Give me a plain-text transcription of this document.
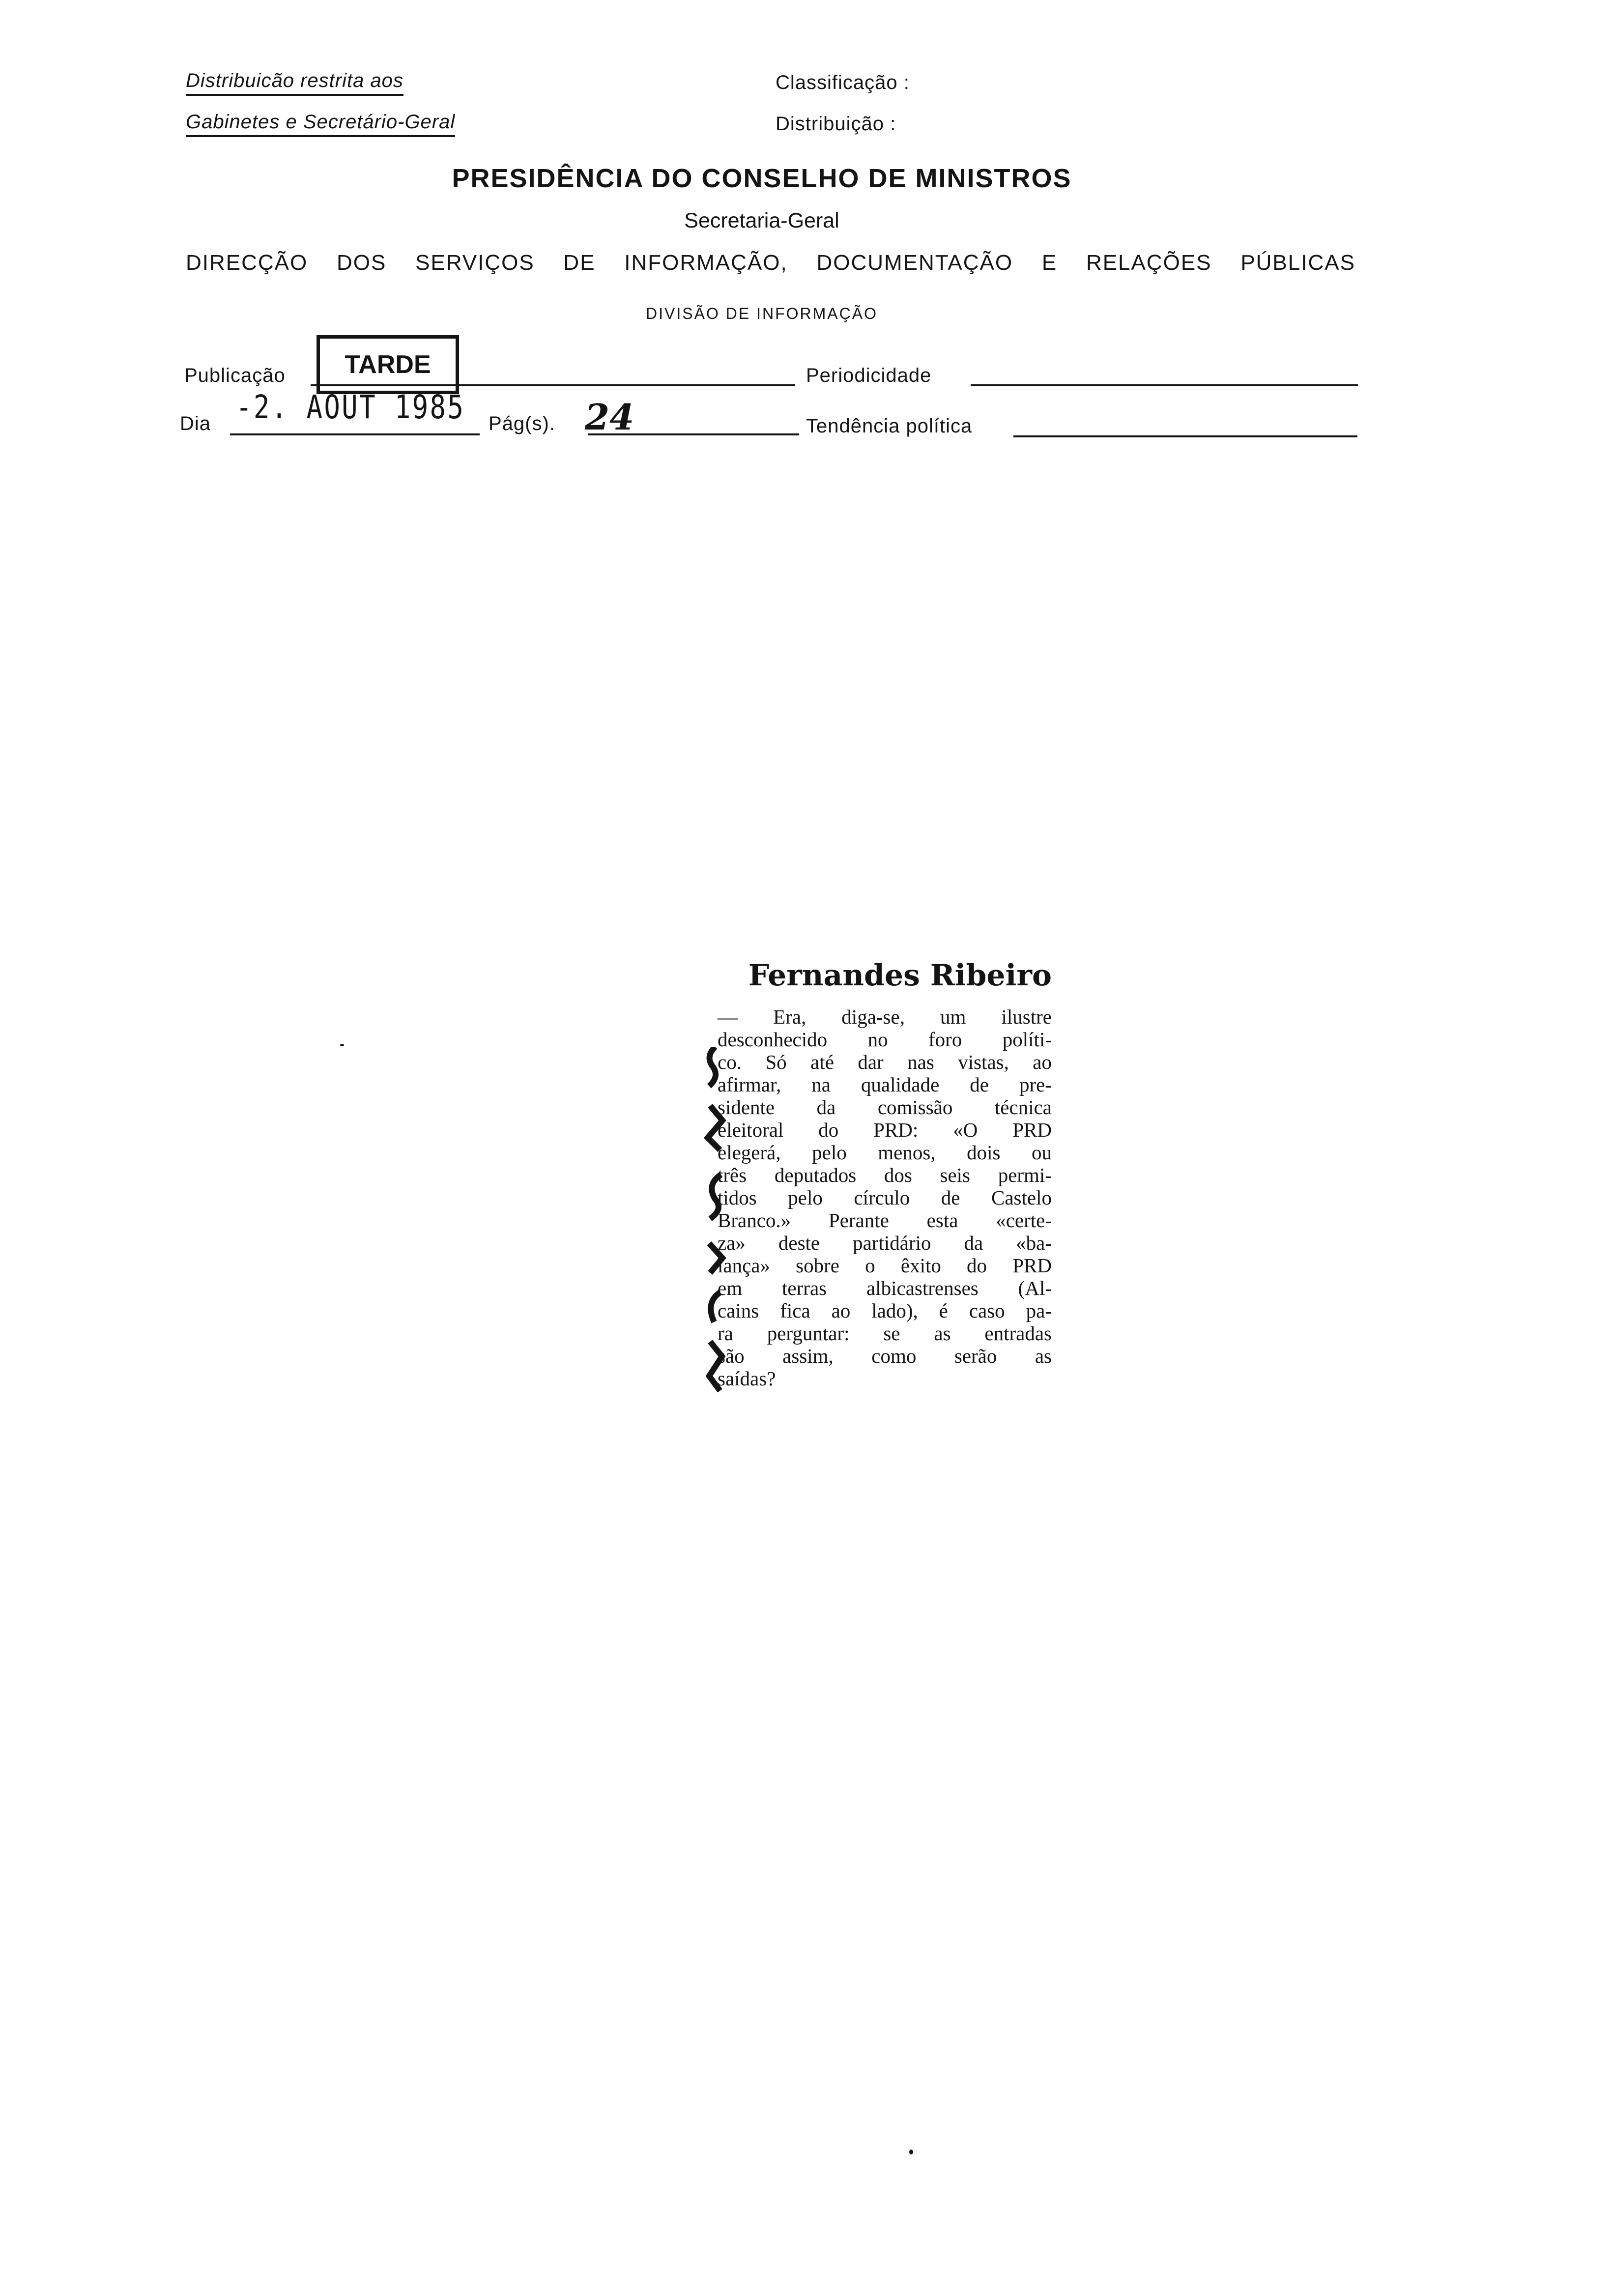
Distribuicão restrita aos
Gabinetes e Secretário-Geral
Classificação :
Distribuição :
PRESIDÊNCIA DO CONSELHO DE MINISTROS
Secretaria-Geral
DIRECÇÃO DOS SERVIÇOS DE INFORMAÇÃO, DOCUMENTAÇÃO E RELAÇÕES PÚBLICAS
DIVISÃO DE INFORMAÇÃO
Publicação	TARDE	Periodicidade
Dia -2. AOUT 1985 Pág(s). 24	Tendência política
Fernandes Ribeiro
— Era, diga-se, um ilustre
desconhecido no foro políti-
co. Só até dar nas vistas, ao
afirmar, na qualidade de pre-
sidente da comissão técnica
eleitoral do PRD: «O PRD
elegerá, pelo menos, dois ou
três deputados dos seis permi-
tidos pelo círculo de Castelo
Branco.» Perante esta «certe-
za» deste partidário da «ba-
lança» sobre o êxito do PRD
em terras albicastrenses (Al-
cains fica ao lado), é caso pa-
ra perguntar: se as entradas
são assim, como serão as
saídas?
